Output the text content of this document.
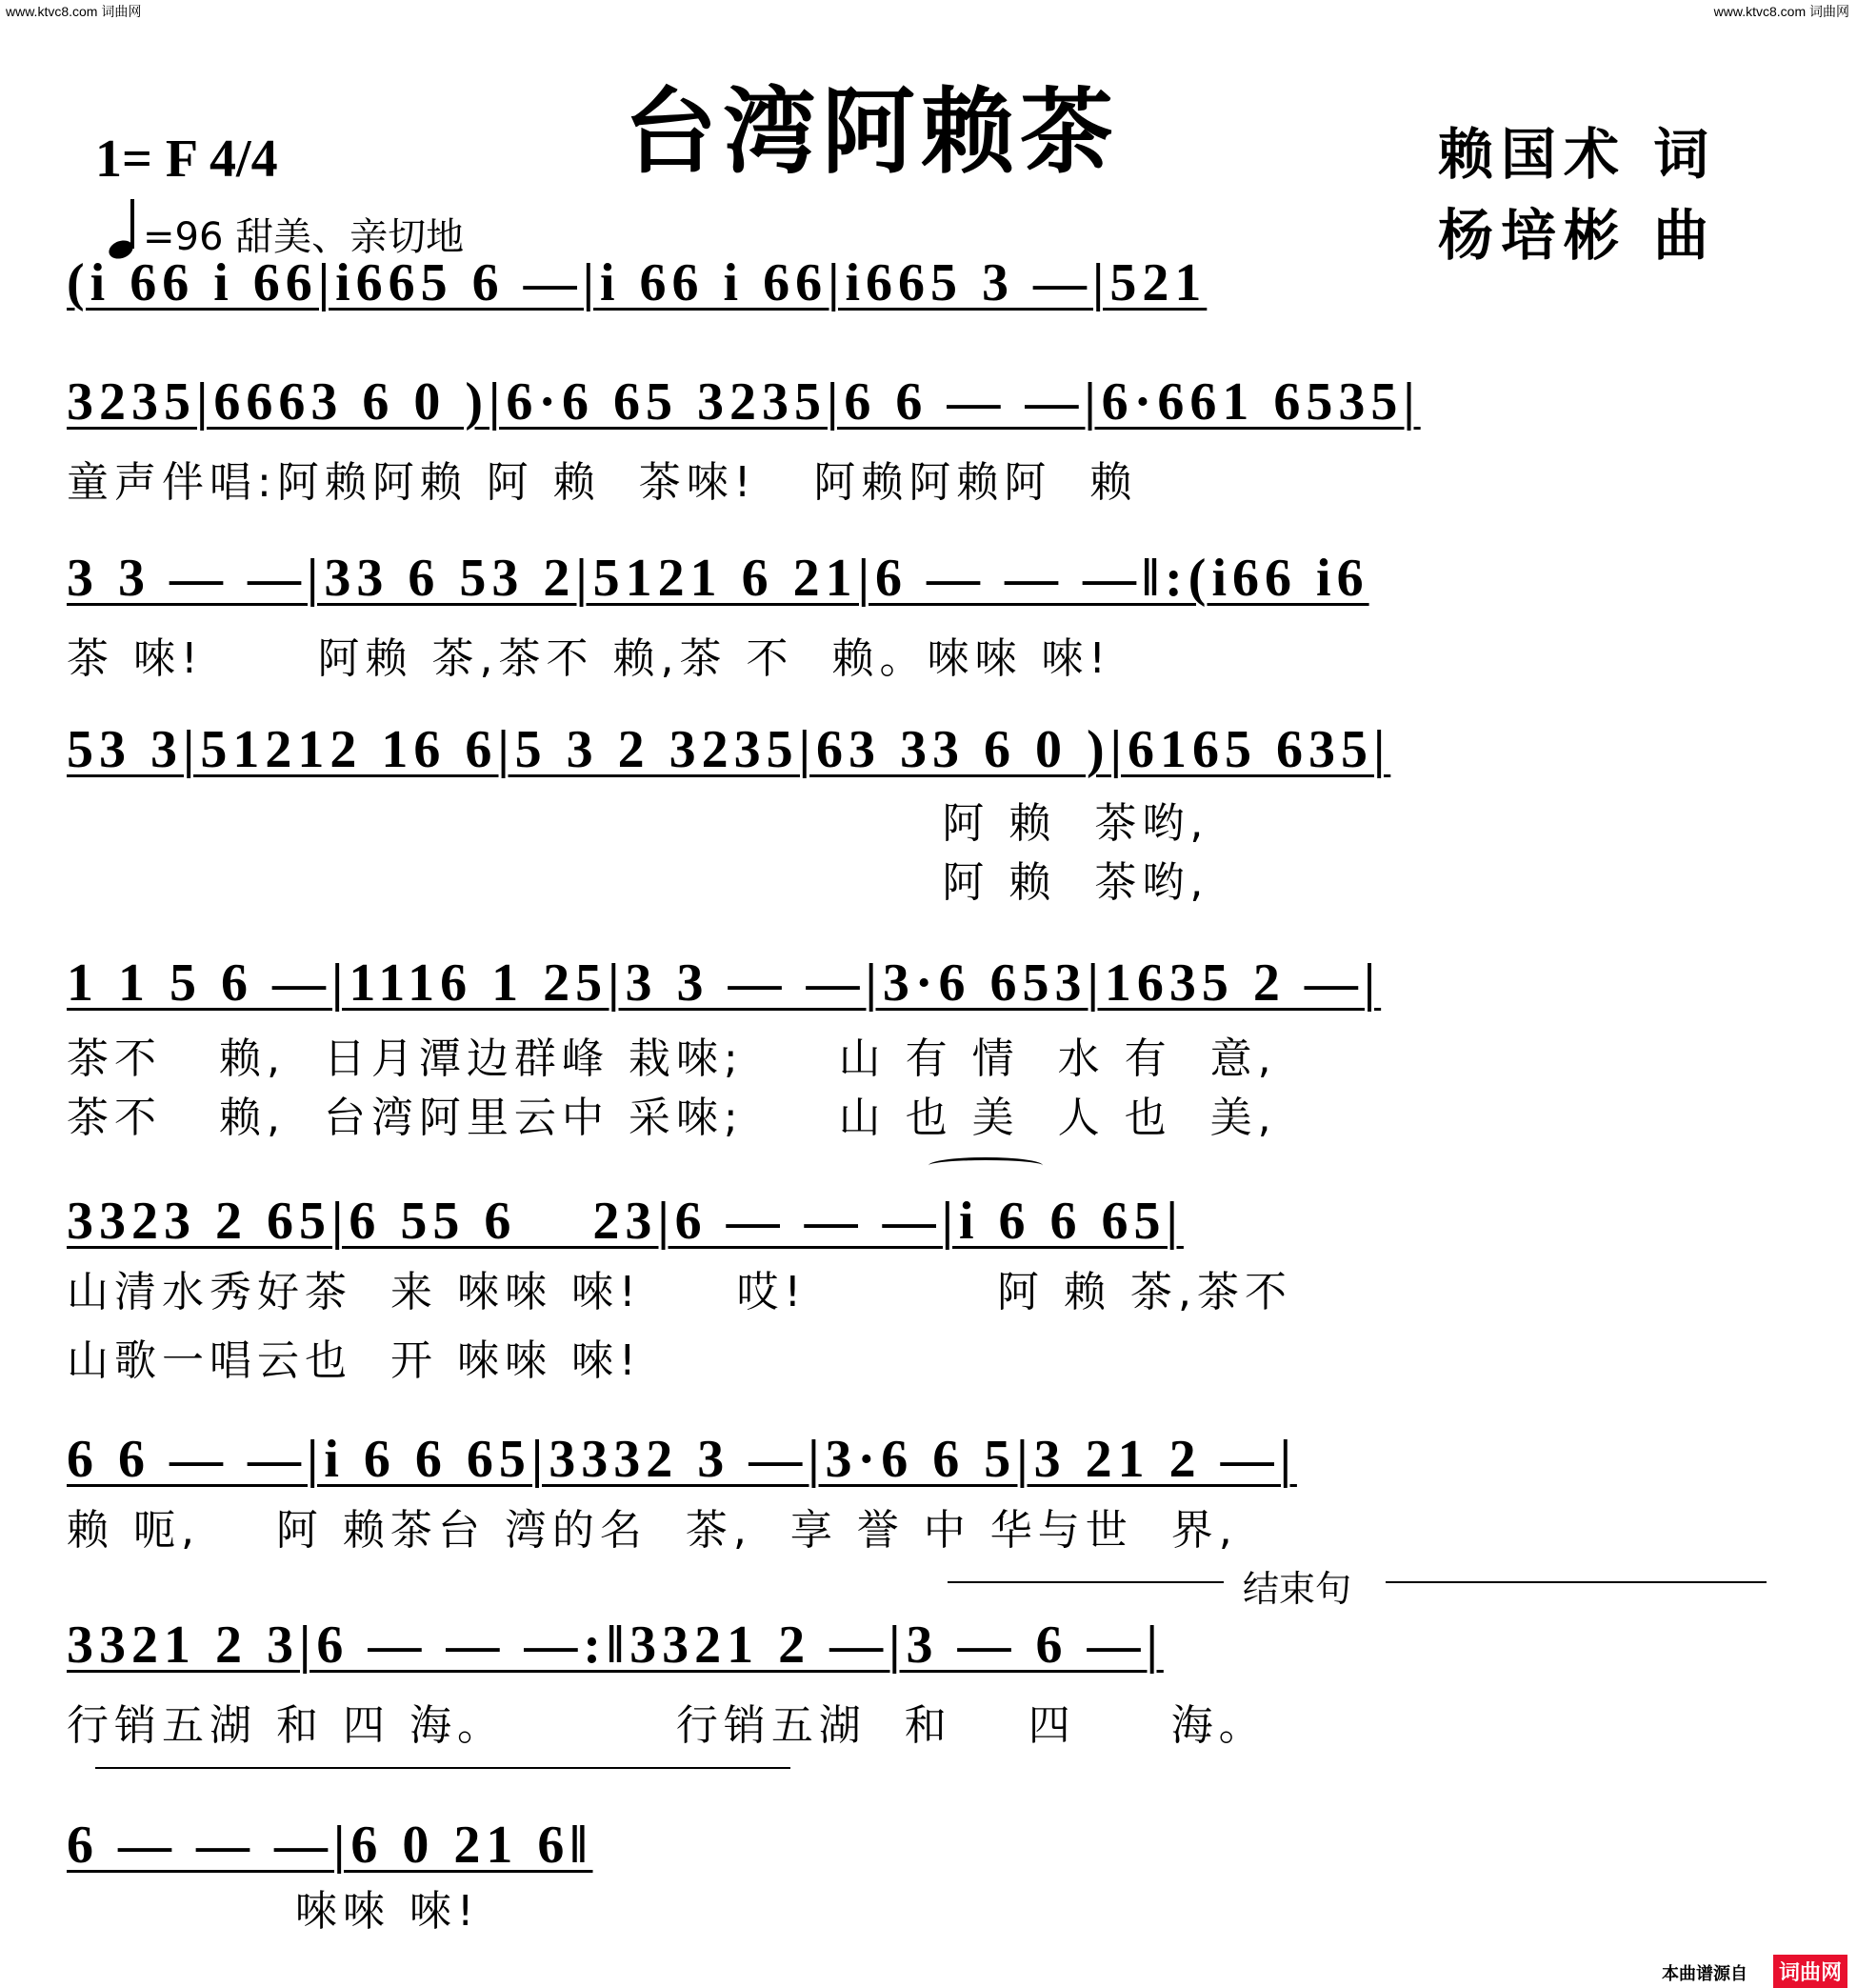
www.ktvc8.com 词曲网	www.ktvc8.com 词曲网
台湾阿赖茶
1= F 4/4	赖国术 词
杨培彬 曲
=96 甜美、亲切地
(i 66 i 66|i665 6 —|i 66 i 66|i665 3 —|521
3235|6663 6 0 )|6·6 65 3235|6 6 — —|6·661 6535|
童声伴唱:阿赖阿赖 阿 赖  茶唻!   阿赖阿赖阿  赖
3 3 — —|33 6 53 2|5121 6 21|6 — — —‖:(i66 i6
茶 唻!      阿赖 茶,茶不 赖,茶 不  赖。唻唻 唻!
53 3|51212 16 6|5 3 2 3235|63 33 6 0 )|6165 635|
阿 赖  茶哟,
阿 赖  茶哟,
1 1 5 6 —|1116 1 25|3 3 — —|3·6 653|1635 2 —|
茶不   赖,  日月潭边群峰 栽唻;     山 有 情  水 有  意,
茶不   赖,  台湾阿里云中 采唻;     山 也 美  人 也  美,
3323 2 65|6 55 6    23|6 — — —|i 6 6 65|
山清水秀好茶  来 唻唻 唻!     哎!          阿 赖 茶,茶不
山歌一唱云也  开 唻唻 唻!
6 6 — —|i 6 6 65|3332 3 —|3·6 6 5|3 21 2 —|
赖 呃,    阿 赖茶台 湾的名  茶,  享 誉 中 华与世  界,
结束句
3321 2 3|6 — — —:‖3321 2 —|3 — 6 —|
行销五湖 和 四 海。         行销五湖  和    四     海。
6 — — —|6 0 21 6‖
唻唻 唻!
本曲谱源自 词曲网
